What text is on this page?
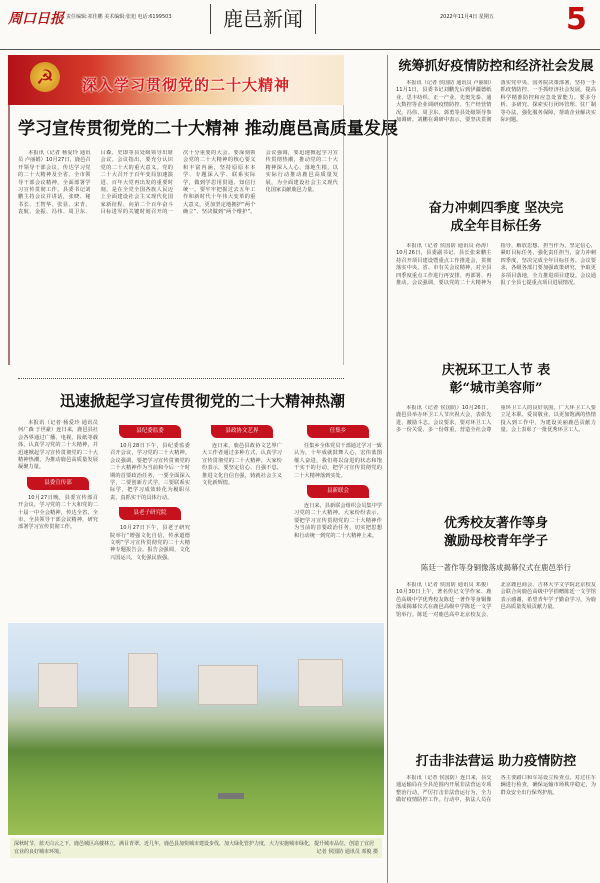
周口日报 责任编辑:祁佳鹏 美术编辑:张旭 电话:6199503	鹿邑新闻	2022年11月4日 星期五 5
☭	深入学习贯彻党的二十大精神
学习宣传贯彻党的二十大精神 推动鹿邑高质量发展
本报讯（记者 杨爱玲 通讯员 卢丽娟）10月27日，鹿邑召开领导干部会议，传达学习党的二十大精神及全省、全市领导干部会议精神，全面部署学习宣传贯彻工作。县委书记刘鹏主持会议并讲话，张晓、秘书长、王智华、张显、宋青、袁航、金振、冯伟、周卫东、吕森、史即等县处级领导出席会议。会议指出，要充分认识党的二十大的重大意义。党的二十大召开于百年变局加速演进、百年大党再出发的重要时刻，是在全党全国各族人民迈上全面建设社会主义现代化国家新征程、向第二个百年奋斗目标进军的关键时刻召开的一次十分重要的大会。要深刻领会党的二十大精神的核心要义和丰富内涵，坚持原原本本学、专题深入学、联系实际学，做到学思用贯通、知信行统一。要牢牢把握过去五年工作和新时代十年伟大变革的重大意义，更加坚定地拥护“两个确立”、坚决做到“两个维护”。会议强调，要迅速掀起学习宣传贯彻热潮，推动党的二十大精神深入人心、落地生根，以实际行动推动鹿邑高质量发展，为全面建设社会主义现代化国家贡献鹿邑力量。
迅速掀起学习宣传贯彻党的二十大精神热潮

本报讯（记者 杨爱玲 通讯员 何广森 于世豪）连日来，鹿邑县社会各界通过广播、电视、报纸等载体，认真学习党的二十大精神，并迅速掀起学习宣传贯彻党的二十大精神热潮，为推动鹿邑高质量发展凝聚力量。

县委宣传部

10月27日晚，县委宣传部召开会议，学习党的二十大和党的二十届一中全会精神，传达全省、全市、全县领导干部会议精神，研究部署学习宣传贯彻工作。

县纪委监委

10月28日下午，县纪委监委召开会议，学习党的二十大精神。会议强调，要把学习宣传贯彻党的二十大精神作为当前和今后一个时期的首要政治任务，一要全面深入学，二要创新方式学，三要联系实际学，把学习成效转化为履职尽责、真抓实干的具体行动。

县老子研究院

10月27日下午，县老子研究院举行“增强文化自信，传承道德文明”学习宣传贯彻党的二十大精神专题报告会。报告会强调，文化兴国运兴，文化强民族强。

县政协文艺界

连日来，鹿邑县政协文艺界广大工作者通过多种方式，认真学习宣传贯彻党的二十大精神。大家纷纷表示，要坚定信心、自强不息，推进文化自信自强，铸就社会主义文化新辉煌。

任集乡

任集乡全体党员干部通过学习一致认为，十年成就鼓舞人心，宏伟蓝图催人奋进，我们将以奋进的状态和饱干实干的行动，把学习宣传贯彻党的二十大精神落到实处。

县新联会

连日来，县新联会组织会员集中学习党的二十大精神。大家纷纷表示，要把学习宣传贯彻党的二十大精神作为当前的首要政治任务，切实把思想和行动统一到党的二十大精神上来。

深秋时节，蓝天白云之下，鹿邑城区高楼林立，满目青翠。近几年，鹿邑县加快城市建设步伐，加大绿化管护力度，大力实施城市绿化，提升城市品位，创造了宜居宜业的良好城市环境。	记者 侯国防 通讯员 邓俊 摄
统筹抓好疫情防控和经济社会发展
本报讯（记者 侯国防 通讯员 卢丽娟）11月1日，县委书记刘鹏先后到伊疆德纸业、思丰纺织、正一产业、先奥先泰、通大数控等企业调研疫情防控、生产经营情况。冯伟、周卫东、郭勇等县处级领导参加调研。刘鹏在调研中表示，要坚决贯彻落实党中央、国务院决策部署，坚持一手抓疫情防控、一手抓经济社会发展，提高科学精准防控和应急处置能力。要多分析、多研究、探索实行闭环管理、驻厂制等办法，强化服务保障，帮助企业解决实际问题。
奋力冲刺四季度 坚决完成全年目标任务
本报讯（记者 侯国防 通讯员 孙涛）10月26日，县委副书记、县长张荣鹏主持召开项目建设暨重点工作推进会，贯彻落实中央、省、市有关会议精神，对全县四季度重点工作进行再安排、再部署、再推动。会议强调，要以党的二十大精神为指导，解放思想、担当作为，坚定信心，紧盯目标任务，强化责任担当，奋力冲刺四季度，坚决完成全年目标任务。会议要求，各级各部门要加强政策研究，争取更多项目落地，全力推进项目建设。会议通报了全县七提重点项目进展情况。
庆祝环卫工人节 表彰“城市美容师”
本报讯（记者 侯国防）10月26日，鹿邑县举办环卫工人节庆祝大会，表彰先进，激励斗志。会议要求，要对环卫工人多一份关爱、多一份尊重，营造全社会尊重环卫工人的良好氛围。广大环卫工人要立足本职、爱岗敬业，以更加饱满的热情投入到工作中，为建设美丽鹿邑贡献力量。会上表彰了一批优秀环卫工人。
优秀校友著作等身 激励母校青年学子
陈廷一著作等身铜像落成揭幕仪式在鹿邑举行
本报讯（记者 侯国防 通讯员 邓俊）10月30日上午，著名传记文学作家、鹿邑高级中学优秀校友陈廷一著作等身铜像落成揭幕仪式在鹿邑高级中学陈廷一文学馆举行。陈廷一对鹿邑高中北京校友会、北京鹿邑商会、吉林大学文学院北京校友会联合向鹿邑高级中学捐赠陈廷一文学馆表示感谢，希望青年学子勤奋学习，为鹿邑高质量发展贡献力量。
打击非法营运 助力疫情防控
本报讯（记者 侯国防）连日来，县交通运输局在全县范围内开展非法营运专项整治行动，严厉打击非法营运行为，全力做好疫情防控工作。行动中，执法人员在各主要路口和车站设立检查点，对过往车辆进行检查，确保运输市场秩序稳定，为群众安全出行保驾护航。
